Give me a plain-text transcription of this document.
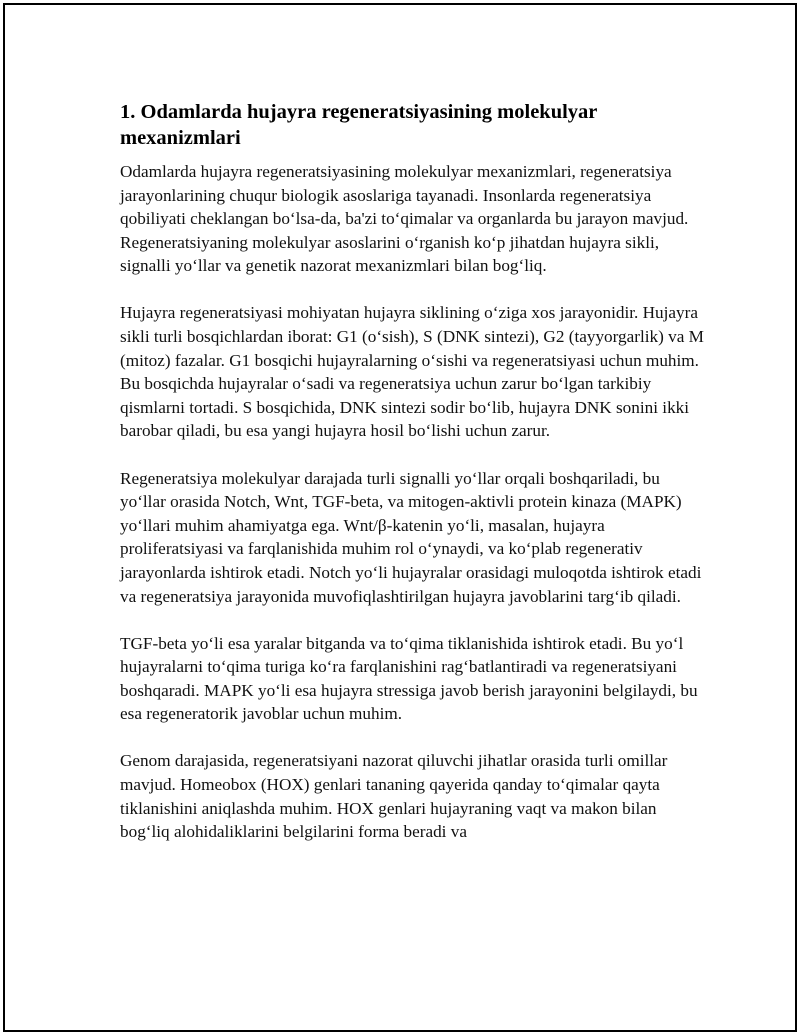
1. Odamlarda hujayra regeneratsiyasining molekulyar mexanizmlari

Odamlarda hujayra regeneratsiyasining molekulyar mexanizmlari, regeneratsiya jarayonlarining chuqur biologik asoslariga tayanadi. Insonlarda regeneratsiya qobiliyati cheklangan bo‘lsa-da, ba'zi to‘qimalar va organlarda bu jarayon mavjud. Regeneratsiyaning molekulyar asoslarini o‘rganish ko‘p jihatdan hujayra sikli, signalli yo‘llar va genetik nazorat mexanizmlari bilan bog‘liq.

Hujayra regeneratsiyasi mohiyatan hujayra siklining o‘ziga xos jarayonidir. Hujayra sikli turli bosqichlardan iborat: G1 (o‘sish), S (DNK sintezi), G2 (tayyorgarlik) va M (mitoz) fazalar. G1 bosqichi hujayralarning o‘sishi va regeneratsiyasi uchun muhim. Bu bosqichda hujayralar o‘sadi va regeneratsiya uchun zarur bo‘lgan tarkibiy qismlarni tortadi. S bosqichida, DNK sintezi sodir bo‘lib, hujayra DNK sonini ikki barobar qiladi, bu esa yangi hujayra hosil bo‘lishi uchun zarur.

Regeneratsiya molekulyar darajada turli signalli yo‘llar orqali boshqariladi, bu yo‘llar orasida Notch, Wnt, TGF-beta, va mitogen-aktivli protein kinaza (MAPK) yo‘llari muhim ahamiyatga ega. Wnt/β-katenin yo‘li, masalan, hujayra proliferatsiyasi va farqlanishida muhim rol o‘ynaydi, va ko‘plab regenerativ jarayonlarda ishtirok etadi. Notch yo‘li hujayralar orasidagi muloqotda ishtirok etadi va regeneratsiya jarayonida muvofiqlashtirilgan hujayra javoblarini targ‘ib qiladi.

TGF-beta yo‘li esa yaralar bitganda va to‘qima tiklanishida ishtirok etadi. Bu yo‘l hujayralarni to‘qima turiga ko‘ra farqlanishini rag‘batlantiradi va regeneratsiyani boshqaradi. MAPK yo‘li esa hujayra stressiga javob berish jarayonini belgilaydi, bu esa regeneratorik javoblar uchun muhim.

Genom darajasida, regeneratsiyani nazorat qiluvchi jihatlar orasida turli omillar mavjud. Homeobox (HOX) genlari tananing qayerida qanday to‘qimalar qayta tiklanishini aniqlashda muhim. HOX genlari hujayraning vaqt va makon bilan bog‘liq alohidaliklarini belgilarini forma beradi va
